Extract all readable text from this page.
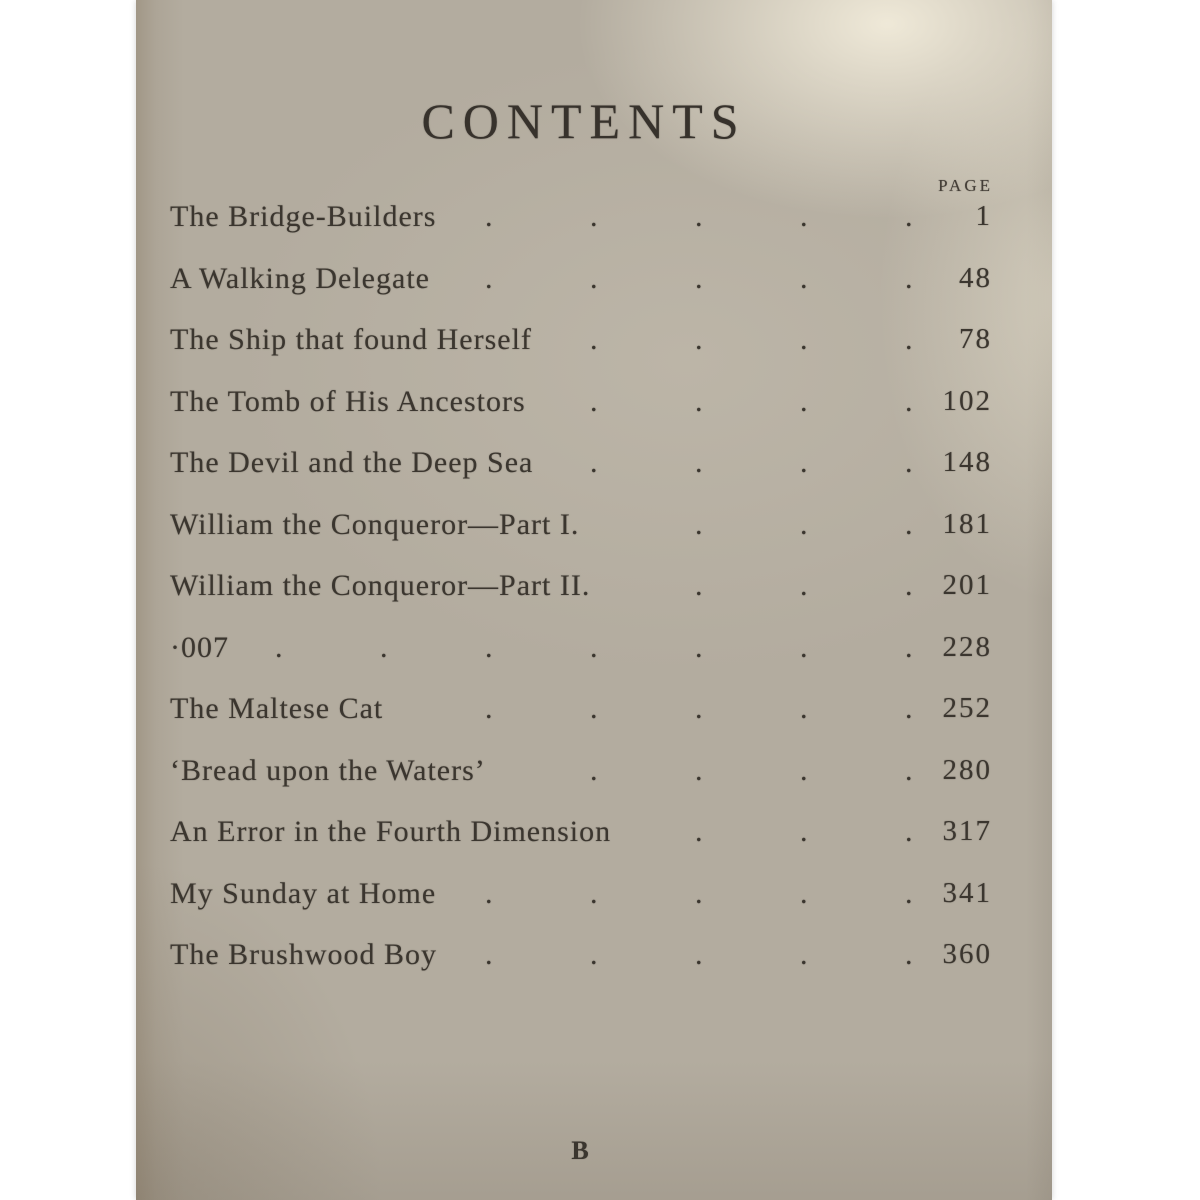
CONTENTS
PAGE
The Bridge-Builders .	.	.	.	. 1
A Walking Delegate .	.	.	.	. 48
The Ship that found Herself .	.	.	. 78
The Tomb of His Ancestors .	.	.	. 102
The Devil and the Deep Sea .	.	.	. 148
William the Conqueror—Part I.	.	.	. 181
William the Conqueror—Part II.	.	.	. 201
·007 .	.	.	.	.	.	. 228
The Maltese Cat	.	.	.	.	. 252
‘Bread upon the Waters’	.	.	.	. 280
An Error in the Fourth Dimension	.	.	. 317
My Sunday at Home .	.	.	.	. 341
The Brushwood Boy .	.	.	.	. 360
B
